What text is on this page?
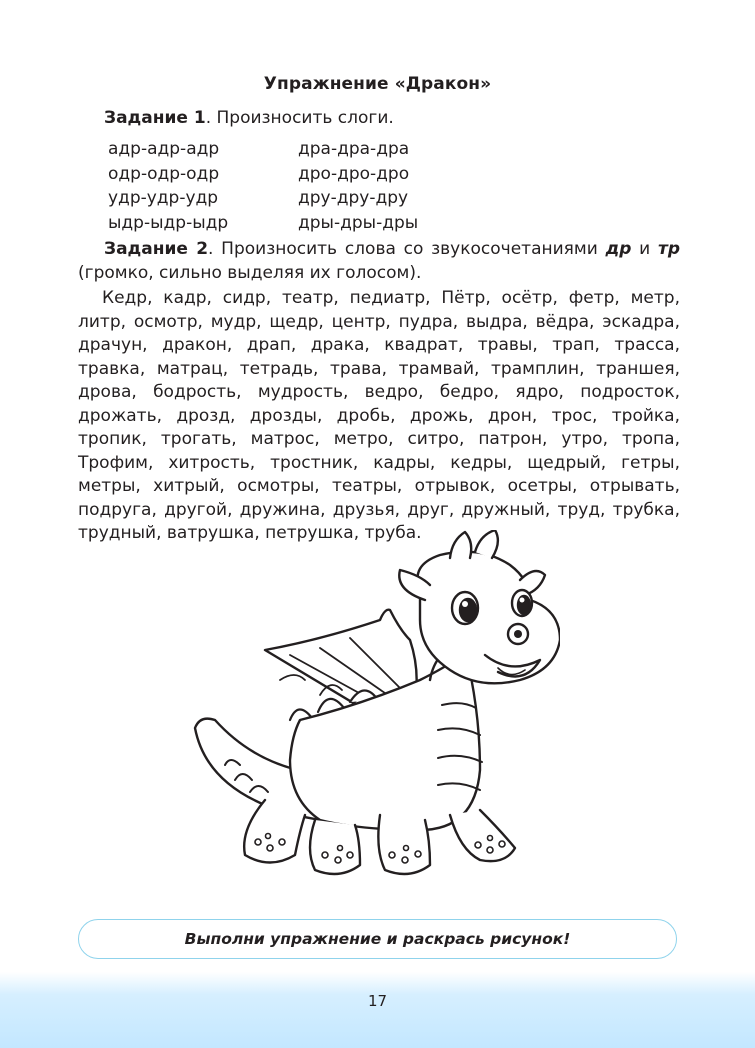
Упражнение «Дракон»
Задание 1. Произносить слоги.
адр-адр-адр
одр-одр-одр
удр-удр-удр
ыдр-ыдр-ыдр
дра-дра-дра
дро-дро-дро
дру-дру-дру
дры-дры-дры
Задание 2. Произносить слова со звукосочетаниями др и тр (громко, сильно выделяя их голосом).
Кедр, кадр, сидр, театр, педиатр, Пётр, осётр, фетр, метр, литр, осмотр, мудр, щедр, центр, пудра, выдра, вёдра, эскадра, драчун, дракон, драп, драка, квадрат, травы, трап, трасса, травка, матрац, тетрадь, трава, трамвай, трамплин, траншея, дрова, бодрость, мудрость, ведро, бедро, ядро, подросток, дрожать, дрозд, дрозды, дробь, дрожь, дрон, трос, тройка, тропик, трогать, матрос, метро, ситро, патрон, утро, тропа, Трофим, хитрость, тростник, кадры, кедры, щедрый, гетры, метры, хитрый, осмотры, театры, отрывок, осетры, отрывать, подруга, другой, дружина, друзья, друг, дружный, труд, трубка, трудный, ватрушка, петрушка, труба.
Выполни упражнение и раскрась рисунок!
17
